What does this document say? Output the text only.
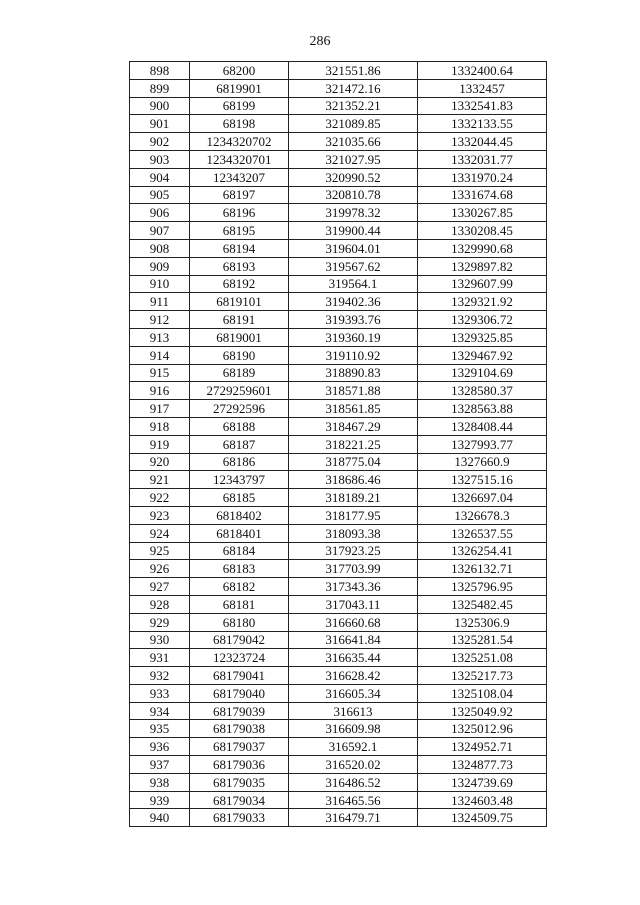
286
898	68200	321551.86	1332400.64
899	6819901	321472.16	1332457
900	68199	321352.21	1332541.83
901	68198	321089.85	1332133.55
902	1234320702	321035.66	1332044.45
903	1234320701	321027.95	1332031.77
904	12343207	320990.52	1331970.24
905	68197	320810.78	1331674.68
906	68196	319978.32	1330267.85
907	68195	319900.44	1330208.45
908	68194	319604.01	1329990.68
909	68193	319567.62	1329897.82
910	68192	319564.1	1329607.99
911	6819101	319402.36	1329321.92
912	68191	319393.76	1329306.72
913	6819001	319360.19	1329325.85
914	68190	319110.92	1329467.92
915	68189	318890.83	1329104.69
916	2729259601	318571.88	1328580.37
917	27292596	318561.85	1328563.88
918	68188	318467.29	1328408.44
919	68187	318221.25	1327993.77
920	68186	318775.04	1327660.9
921	12343797	318686.46	1327515.16
922	68185	318189.21	1326697.04
923	6818402	318177.95	1326678.3
924	6818401	318093.38	1326537.55
925	68184	317923.25	1326254.41
926	68183	317703.99	1326132.71
927	68182	317343.36	1325796.95
928	68181	317043.11	1325482.45
929	68180	316660.68	1325306.9
930	68179042	316641.84	1325281.54
931	12323724	316635.44	1325251.08
932	68179041	316628.42	1325217.73
933	68179040	316605.34	1325108.04
934	68179039	316613	1325049.92
935	68179038	316609.98	1325012.96
936	68179037	316592.1	1324952.71
937	68179036	316520.02	1324877.73
938	68179035	316486.52	1324739.69
939	68179034	316465.56	1324603.48
940	68179033	316479.71	1324509.75
